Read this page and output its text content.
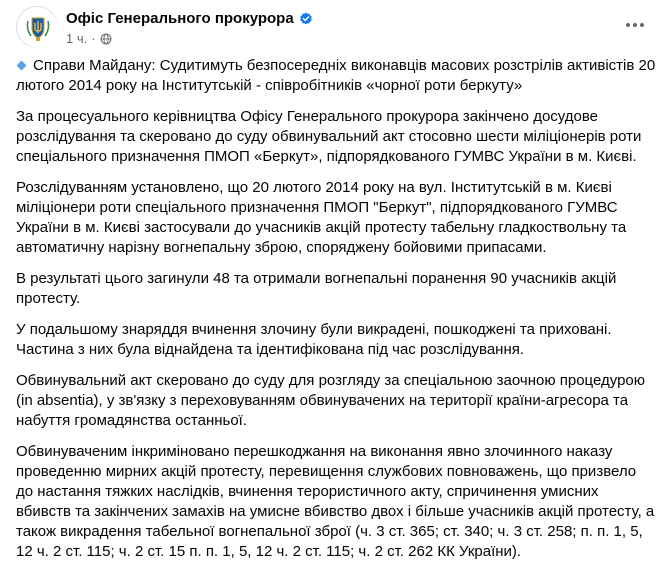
Офіс Генерального прокурора
1 ч. ·

Справи Майдану: Судитимуть безпосередніх виконавців масових розстрілів активістів 20 лютого 2014 року на Інститутській - співробітників «чорної роти беркуту»

За процесуального керівництва Офісу Генерального прокурора закінчено досудове розслідування та скеровано до суду обвинувальний акт стосовно шести міліціонерів роти спеціального призначення ПМОП «Беркут», підпорядкованого ГУМВС України в м. Києві.

Розслідуванням установлено, що 20 лютого 2014 року на вул. Інститутській в м. Києві міліціонери роти спеціального призначення ПМОП "Беркут", підпорядкованого ГУМВС України в м. Києві застосували до учасників акцій протесту табельну гладкоствольну та автоматичну нарізну вогнепальну зброю, споряджену бойовими припасами.

В результаті цього загинули 48 та отримали вогнепальні поранення 90 учасників акцій протесту.

У подальшому знаряддя вчинення злочину були викрадені, пошкоджені та приховані. Частина з них була віднайдена та ідентифікована під час розслідування.

Обвинувальний акт скеровано до суду для розгляду за спеціальною заочною процедурою (in absentia), у зв'язку з переховуванням обвинувачених на території країни-агресора та набуття громадянства останньої.

Обвинуваченим інкриміновано перешкоджання на виконання явно злочинного наказу проведенню мирних акцій протесту, перевищення службових повноважень, що призвело до настання тяжких наслідків, вчинення терористичного акту, спричинення умисних вбивств та закінчених замахів на умисне вбивство двох і більше учасників акцій протесту, а також викрадення табельної вогнепальної зброї (ч. 3 ст. 365; ст. 340; ч. 3 ст. 258; п. п. 1, 5, 12 ч. 2 ст. 115; ч. 2 ст. 15 п. п. 1, 5, 12 ч. 2 ст. 115; ч. 2 ст. 262 КК України).
